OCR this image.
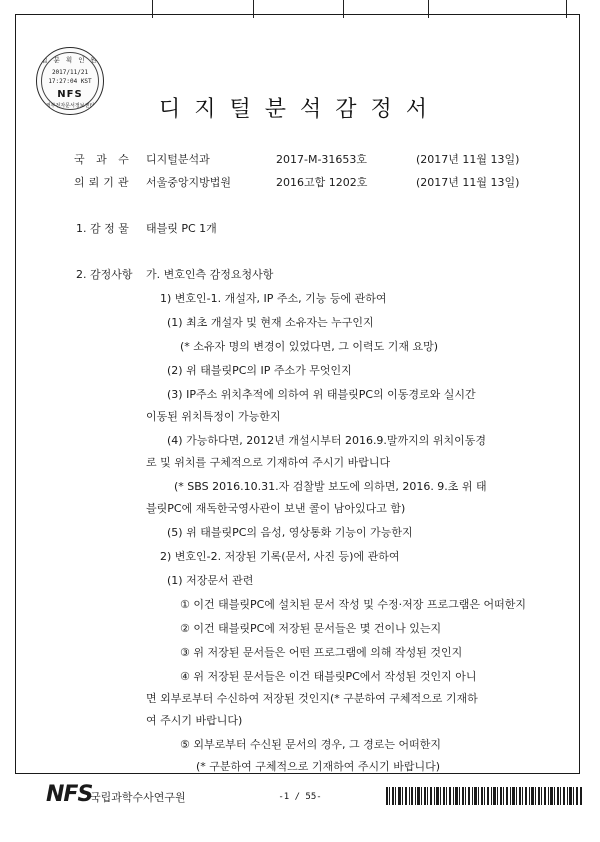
접 분 획 인 원
2017/11/21
17:27:04 KST
NFS
정부전자문서정보센터	디지털분석감정서
국 과 수 디지털분석과	2017-M-31653호	(2017년 11월 13일)
의뢰기관 서울중앙지방법원	2016고합 1202호	(2017년 11월 13일)
1. 감 정 물 태블릿 PC 1개
2. 감정사항 가. 변호인측 감정요청사항
1) 변호인-1. 개설자, IP 주소, 기능 등에 관하여
(1) 최초 개설자 및 현재 소유자는 누구인지
(* 소유자 명의 변경이 있었다면, 그 이력도 기재 요망)
(2) 위 태블릿PC의 IP 주소가 무엇인지
(3) IP주소 위치추적에 의하여 위 태블릿PC의 이동경로와 실시간
이동된 위치특정이 가능한지
(4) 가능하다면, 2012년 개설시부터 2016.9.말까지의 위치이동경
로 및 위치를 구체적으로 기재하여 주시기 바랍니다
(* SBS 2016.10.31.자 검찰발 보도에 의하면, 2016. 9.초 위 태
블릿PC에 재독한국영사관이 보낸 콜이 남아있다고 함)
(5) 위 태블릿PC의 음성, 영상통화 기능이 가능한지
2) 변호인-2. 저장된 기록(문서, 사진 등)에 관하여
(1) 저장문서 관련
① 이건 태블릿PC에 설치된 문서 작성 및 수정·저장 프로그램은 어떠한지
② 이건 태블릿PC에 저장된 문서들은 몇 건이나 있는지
③ 위 저장된 문서들은 어떤 프로그램에 의해 작성된 것인지
④ 위 저장된 문서들은 이건 태블릿PC에서 작성된 것인지 아니
면 외부로부터 수신하여 저장된 것인지(* 구분하여 구체적으로 기재하
여 주시기 바랍니다)
⑤ 외부로부터 수신된 문서의 경우, 그 경로는 어떠한지
(* 구분하여 구체적으로 기재하여 주시기 바랍니다)
NFS
국립과학수사연구원	-1 / 55-
